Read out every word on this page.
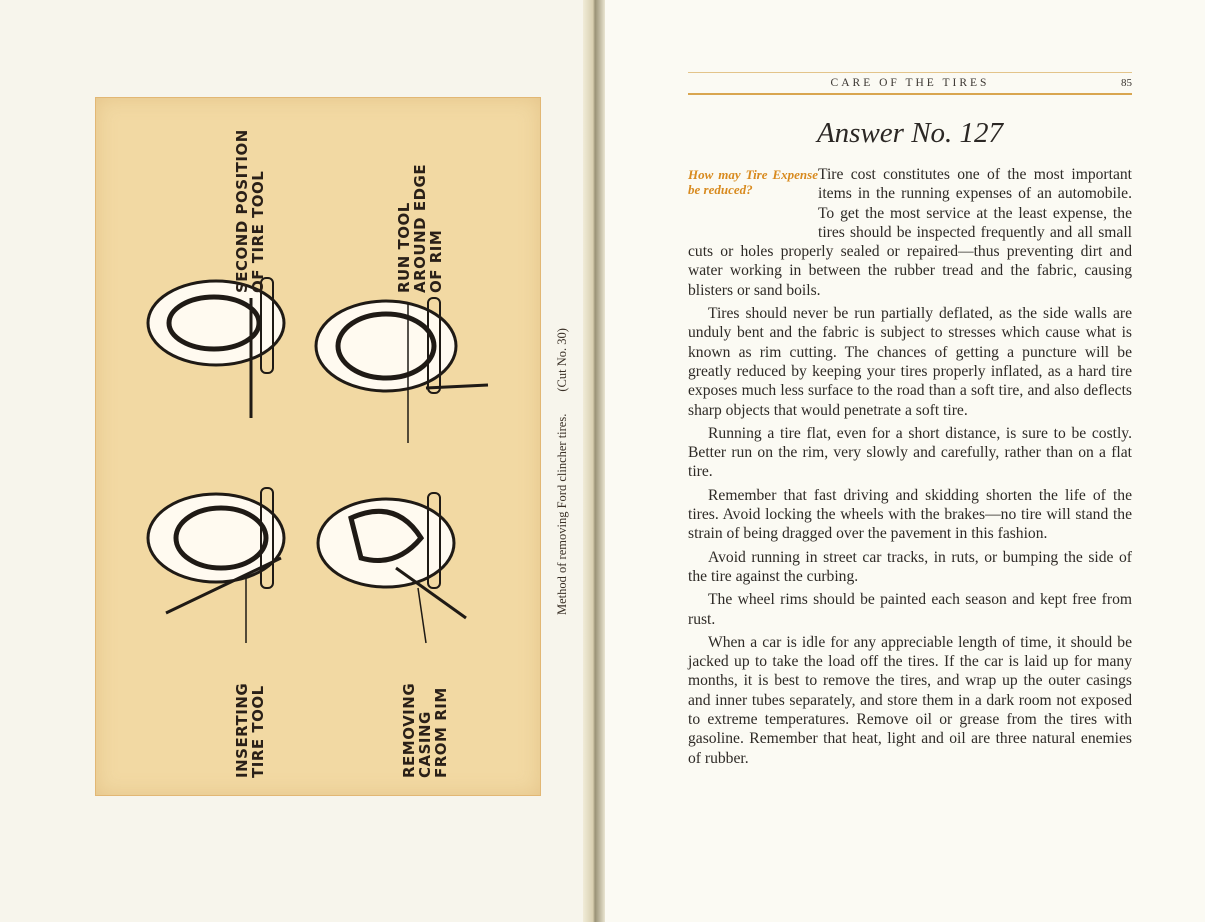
SECOND POSITION
OF TIRE TOOL
RUN TOOL
AROUND EDGE
OF RIM
INSERTING
TIRE TOOL	REMOVING
CASING
FROM RIM
Method of removing Ford clincher tires.(Cut No. 30)
CARE OF THE TIRES	85
Answer No. 127
How may Tire Expense be reduced?

Tire cost constitutes one of the most important items in the running expenses of an automobile. To get the most service at the least expense, the tires should be inspected frequently and all small cuts or holes properly sealed or repaired—thus preventing dirt and water working in between the rubber tread and the fabric, causing blisters or sand boils.

Tires should never be run partially deflated, as the side walls are unduly bent and the fabric is subject to stresses which cause what is known as rim cutting. The chances of getting a puncture will be greatly reduced by keeping your tires properly inflated, as a hard tire exposes much less surface to the road than a soft tire, and also deflects sharp objects that would penetrate a soft tire.

Running a tire flat, even for a short distance, is sure to be costly. Better run on the rim, very slowly and carefully, rather than on a flat tire.

Remember that fast driving and skidding shorten the life of the tires. Avoid locking the wheels with the brakes—no tire will stand the strain of being dragged over the pavement in this fashion.

Avoid running in street car tracks, in ruts, or bumping the side of the tire against the curbing.

The wheel rims should be painted each season and kept free from rust.

When a car is idle for any appreciable length of time, it should be jacked up to take the load off the tires. If the car is laid up for many months, it is best to remove the tires, and wrap up the outer casings and inner tubes separately, and store them in a dark room not exposed to extreme temperatures. Remove oil or grease from the tires with gasoline. Remember that heat, light and oil are three natural enemies of rubber.
